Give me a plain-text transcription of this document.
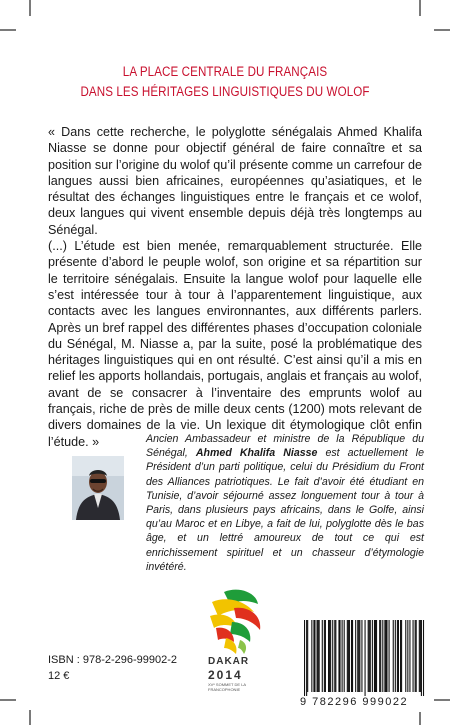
LA PLACE CENTRALE DU FRANÇAIS
DANS LES HÉRITAGES LINGUISTIQUES DU WOLOF

« Dans cette recherche, le polyglotte sénégalais Ahmed Khalifa Niasse se donne pour objectif général de faire connaître et sa position sur l’origine du wolof qu’il présente comme un carrefour de langues aussi bien africaines, européennes qu’asiatiques, et le résultat des échanges linguistiques entre le français et ce wolof, deux langues qui vivent ensemble depuis déjà très longtemps au Sénégal.

(...) L’étude est bien menée, remarquablement structurée. Elle présente d’abord le peuple wolof, son origine et sa répartition sur le territoire sénégalais. Ensuite la langue wolof pour laquelle elle s’est intéressée tour à tour à l’apparentement linguistique, aux contacts avec les langues environnantes, aux différents parlers. Après un bref rappel des différentes phases d’occupation coloniale du Sénégal, M. Niasse a, par la suite, posé la problématique des héritages linguistiques qui en ont résulté. C’est ainsi qu’il a mis en relief les apports hollandais, portugais, anglais et français au wolof, avant de se consacrer à l’inventaire des emprunts wolof au français, riche de près de mille deux cents (1200) mots relevant de divers domaines de la vie. Un lexique dit étymologique clôt enfin l’étude. »	Ancien Ambassadeur et ministre de la République du Sénégal, Ahmed Khalifa Niasse est actuellement le Président d’un parti politique, celui du Présidium du Front des Alliances patriotiques. Le fait d’avoir été étudiant en Tunisie, d’avoir séjourné assez longuement tour à tour à Paris, dans plusieurs pays africains, dans le Golfe, ainsi qu’au Maroc et en Libye, a fait de lui, polyglotte dès le bas âge, et un lettré amoureux de tout ce qui est enrichissement spirituel et un chasseur d’étymologie invétéré.
DAKAR
2014
XVᵉ SOMMET DE LA FRANCOPHONIE
ISBN : 978-2-296-99902-2
12 €
9 782296 999022
